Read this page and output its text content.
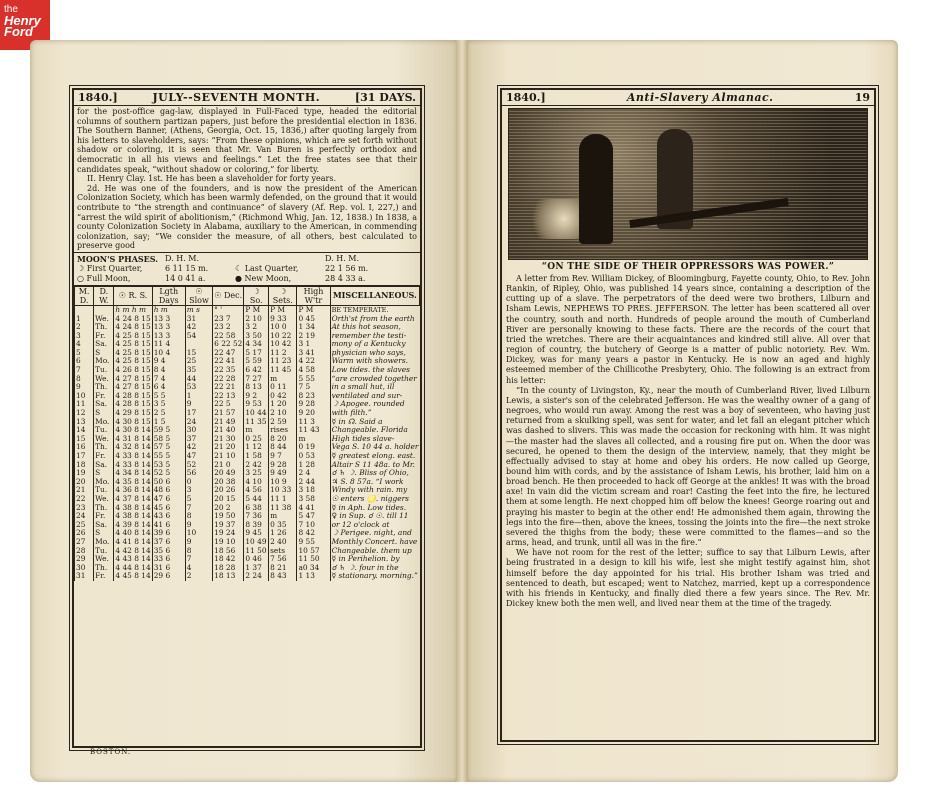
the
Henry
Ford
1840.]	JULY--SEVENTH MONTH.	[31 DAYS.

for the post-office gag-law, displayed in Full-Faced type, headed the editorial columns of southern partizan papers, just before the presidential election in 1836. The Southern Banner, (Athens, Georgia, Oct. 15, 1836,) after quoting largely from his letters to slaveholders, says: “From these opinions, which are set forth without shadow or coloring, it is seen that Mr. Van Buren is perfectly orthodox and democratic in all his views and feelings.” Let the free states see that their candidates speak, “without shadow or coloring,” for liberty.

II. Henry Clay. 1st. He has been a slaveholder for forty years.

2d. He was one of the founders, and is now the president of the American Colonization Society, which has been warmly defended, on the ground that it would contribute to “the strength and continuance” of slavery (Af. Rep. vol. I, 227,) and “arrest the wild spirit of abolitionism,” (Richmond Whig, Jan. 12, 1838.) In 1838, a county Colonization Society in Alabama, auxiliary to the American, in commending colonization, say; “We consider the measure, of all others, best calculated to preserve good

MOON'S PHASES. D. H. M.	D. H. M.
☽ First Quarter,	6 11 15 m.	☾ Last Quarter,	22 1 56 m.
○ Full Moon,	14 0 41 a.	● New Moon,	28 4 33 a.
M. D.	D. W.	☉ R. S.	Lgth Days	☉ Slow	☉ Dec.	☽ So.	☽ Sets.	High W'tr	MISCELLANEOUS.
		h m h m	h m	m s	° '	P M	P M	P M	BE TEMPERATE.
1	We.	4 24 8 15	13 3	31	23 7	2 10	9 33	0 45	Orth'st from the earth
2	Th.	4 24 8 15	13 3	42	23 2	3 2	10 0	1 34	At this hot season,
3	Fr.	4 25 8 15	13 3	54	22 58	3 50	10 22	2 19	remember the testi-
4	Sa.	4 25 8 15	11 4		6 22 52	4 34	10 42	3 1	mony of a Kentucky
5	S	4 25 8 15	10 4	15	22 47	5 17	11 2	3 41	physician who says,
6	Mo.	4 25 8 15	9 4	25	22 41	5 59	11 23	4 22	Warm with showers.
7	Tu.	4 26 8 15	8 4	35	22 35	6 42	11 45	4 58	Low tides. the slaves
8	We.	4 27 8 15	7 4	44	22 28	7 27	m	5 55	“are crowded together
9	Th.	4 27 8 15	6 4	53	22 21	8 13	0 11	7 5	in a small hut, ill
10	Fr.	4 28 8 15	5 5	1	22 13	9 2	0 42	8 23	ventilated and sur-
11	Sa.	4 28 8 15	3 5	9	22 5	9 53	1 20	9 28	☽ Apogee. rounded
12	S	4 29 8 15	2 5	17	21 57	10 44	2 10	9 20	with filth.”
13	Mo.	4 30 8 15	1 5	24	21 49	11 35	2 59	11 3	☿ in ☊. Said a
14	Tu.	4 30 8 14	59 5	30	21 40	m	rises	11 43	Changeable. Florida
15	We.	4 31 8 14	58 5	37	21 30	0 25	8 20	m	High tides slave-
16	Th.	4 32 8 14	57 5	42	21 20	1 12	8 44	0 19	Vega S. 10 44 a. holder
17	Fr.	4 33 8 14	55 5	47	21 10	1 58	9 7	0 53	☿ greatest elong. east.
18	Sa.	4 33 8 14	53 5	52	21 0	2 42	9 28	1 28	Altair S 11 48a. to Mr.
19	S	4 34 8 14	52 5	56	20 49	3 25	9 49	2 4	☌ ♄ ☽. Bliss of Ohio,
20	Mo.	4 35 8 14	50 6	0	20 38	4 10	10 9	2 44	♃ S. 8 57a. “I work
21	Tu.	4 36 8 14	48 6	3	20 26	4 56	10 33	3 18	Windy with rain. my
22	We.	4 37 8 14	47 6	5	20 15	5 44	11 1	3 58	☉ enters ♌. niggers
23	Th.	4 38 8 14	45 6	7	20 2	6 38	11 38	4 41	☿ in Aph. Low tides.
24	Fr.	4 38 8 14	43 6	8	19 50	7 36	m	5 47	♀ in Sup. ☌ ☉. till 11
25	Sa.	4 39 8 14	41 6	9	19 37	8 39	0 35	7 10	or 12 o'clock at
26	S	4 40 8 14	39 6	10	19 24	9 45	1 26	8 42	☽ Perigee. night, and
27	Mo.	4 41 8 14	37 6	9	19 10	10 49	2 40	9 55	Monthly Concert. have
28	Tu.	4 42 8 14	35 6	8	18 56	11 50	sets	10 57	Changeable. them up
29	We.	4 43 8 14	33 6	7	18 42	0 46	7 56	11 50	☿ in Perihelion. by
30	Th.	4 44 8 14	31 6	4	18 28	1 37	8 21	a0 34	☌ ♄ ☽. four in the
31	Fr.	4 45 8 14	29 6	2	18 13	2 24	8 43	1 13	☿ stationary. morning.”
BOSTON.
1840.]	Anti-Slavery Almanac.	19
“ON THE SIDE OF THEIR OPPRESSORS WAS POWER.”

A letter from Rev. William Dickey, of Bloomingburg, Fayette county, Ohio, to Rev. John Rankin, of Ripley, Ohio, was published 14 years since, containing a description of the cutting up of a slave. The perpetrators of the deed were two brothers, Lilburn and Isham Lewis, NEPHEWS TO PRES. JEFFERSON. The letter has been scattered all over the country, south and north. Hundreds of people around the mouth of Cumberland River are personally knowing to these facts. There are the records of the court that tried the wretches. There are their acquaintances and kindred still alive. All over that region of country, the butchery of George is a matter of public notoriety. Rev. Wm. Dickey, was for many years a pastor in Kentucky. He is now an aged and highly esteemed member of the Chillicothe Presbytery, Ohio. The following is an extract from his letter:

“In the county of Livingston, Ky., near the mouth of Cumberland River, lived Lilburn Lewis, a sister's son of the celebrated Jefferson. He was the wealthy owner of a gang of negroes, who would run away. Among the rest was a boy of seventeen, who having just returned from a skulking spell, was sent for water, and let fall an elegant pitcher which was dashed to slivers. This was made the occasion for reckoning with him. It was night—the master had the slaves all collected, and a rousing fire put on. When the door was secured, he opened to them the design of the interview, namely, that they might be effectually advised to stay at home and obey his orders. He now called up George, bound him with cords, and by the assistance of Isham Lewis, his brother, laid him on a broad bench. He then proceeded to hack off George at the ankles! It was with the broad axe! In vain did the victim scream and roar! Casting the feet into the fire, he lectured them at some length. He next chopped him off below the knees! George roaring out and praying his master to begin at the other end! He admonished them again, throwing the legs into the fire—then, above the knees, tossing the joints into the fire—the next stroke severed the thighs from the body; these were committed to the flames—and so the arms, head, and trunk, until all was in the fire.”

We have not room for the rest of the letter; suffice to say that Lilburn Lewis, after being frustrated in a design to kill his wife, lest she might testify against him, shot himself before the day appointed for his trial. His brother Isham was tried and sentenced to death, but escaped; went to Natchez, married, kept up a correspondence with his friends in Kentucky, and finally died there a few years since. The Rev. Mr. Dickey knew both the men well, and lived near them at the time of the tragedy.
